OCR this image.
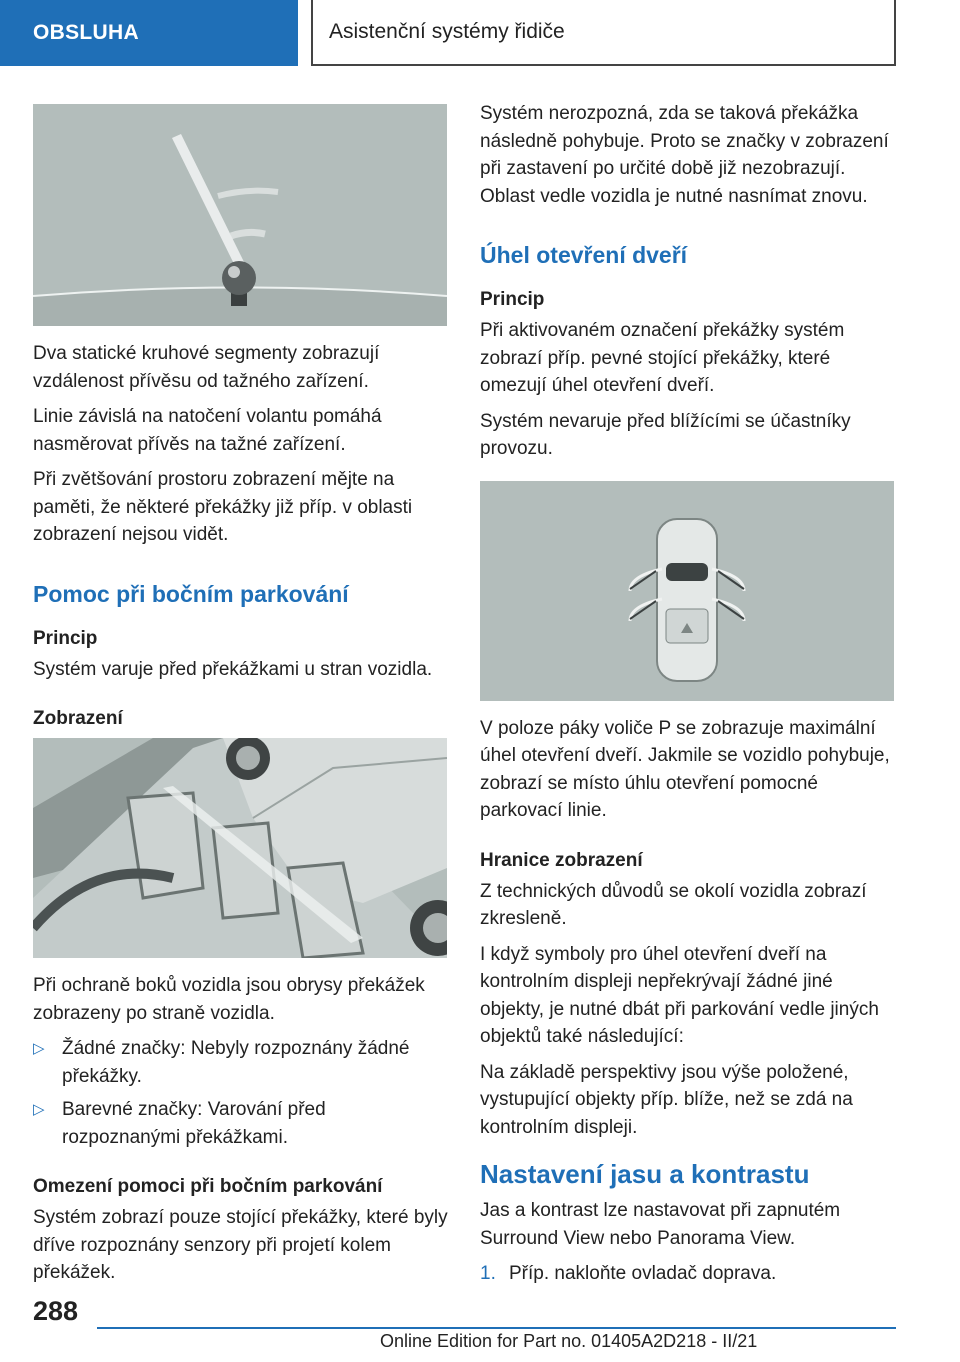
OBSLUHA	Asistenční systémy řidiče

Dva statické kruhové segmenty zobrazují vzdálenost přívěsu od tažného zařízení.

Linie závislá na natočení volantu pomáhá nasměrovat přívěs na tažné zařízení.

Při zvětšování prostoru zobrazení mějte na paměti, že některé překážky již příp. v oblasti zobrazení nejsou vidět.

Pomoc při bočním parkování
Princip

Systém varuje před překážkami u stran vozidla.

Zobrazení

Při ochraně boků vozidla jsou obrysy překážek zobrazeny po straně vozidla.

▷ Žádné značky: Nebyly rozpoznány žádné překážky.
▷ Barevné značky: Varování před rozpoznanými překážkami.
Omezení pomoci při bočním parkování

Systém zobrazí pouze stojící překážky, které byly dříve rozpoznány senzory při projetí kolem překážek.

Systém nerozpozná, zda se taková překážka následně pohybuje. Proto se značky v zobrazení při zastavení po určité době již nezobrazují. Oblast vedle vozidla je nutné nasnímat znovu.

Úhel otevření dveří
Princip

Při aktivovaném označení překážky systém zobrazí příp. pevné stojící překážky, které omezují úhel otevření dveří.

Systém nevaruje před blížícími se účastníky provozu.

V poloze páky voliče P se zobrazuje maximální úhel otevření dveří. Jakmile se vozidlo pohybuje, zobrazí se místo úhlu otevření pomocné parkovací linie.

Hranice zobrazení

Z technických důvodů se okolí vozidla zobrazí zkresleně.

I když symboly pro úhel otevření dveří na kontrolním displeji nepřekrývají žádné jiné objekty, je nutné dbát při parkování vedle jiných objektů také následující:

Na základě perspektivy jsou výše položené, vystupující objekty příp. blíže, než se zdá na kontrolním displeji.

Nastavení jasu a kontrastu

Jas a kontrast lze nastavovat při zapnutém Surround View nebo Panorama View.

1. Příp. nakloňte ovladač doprava.
288
Online Edition for Part no. 01405A2D218 - II/21
